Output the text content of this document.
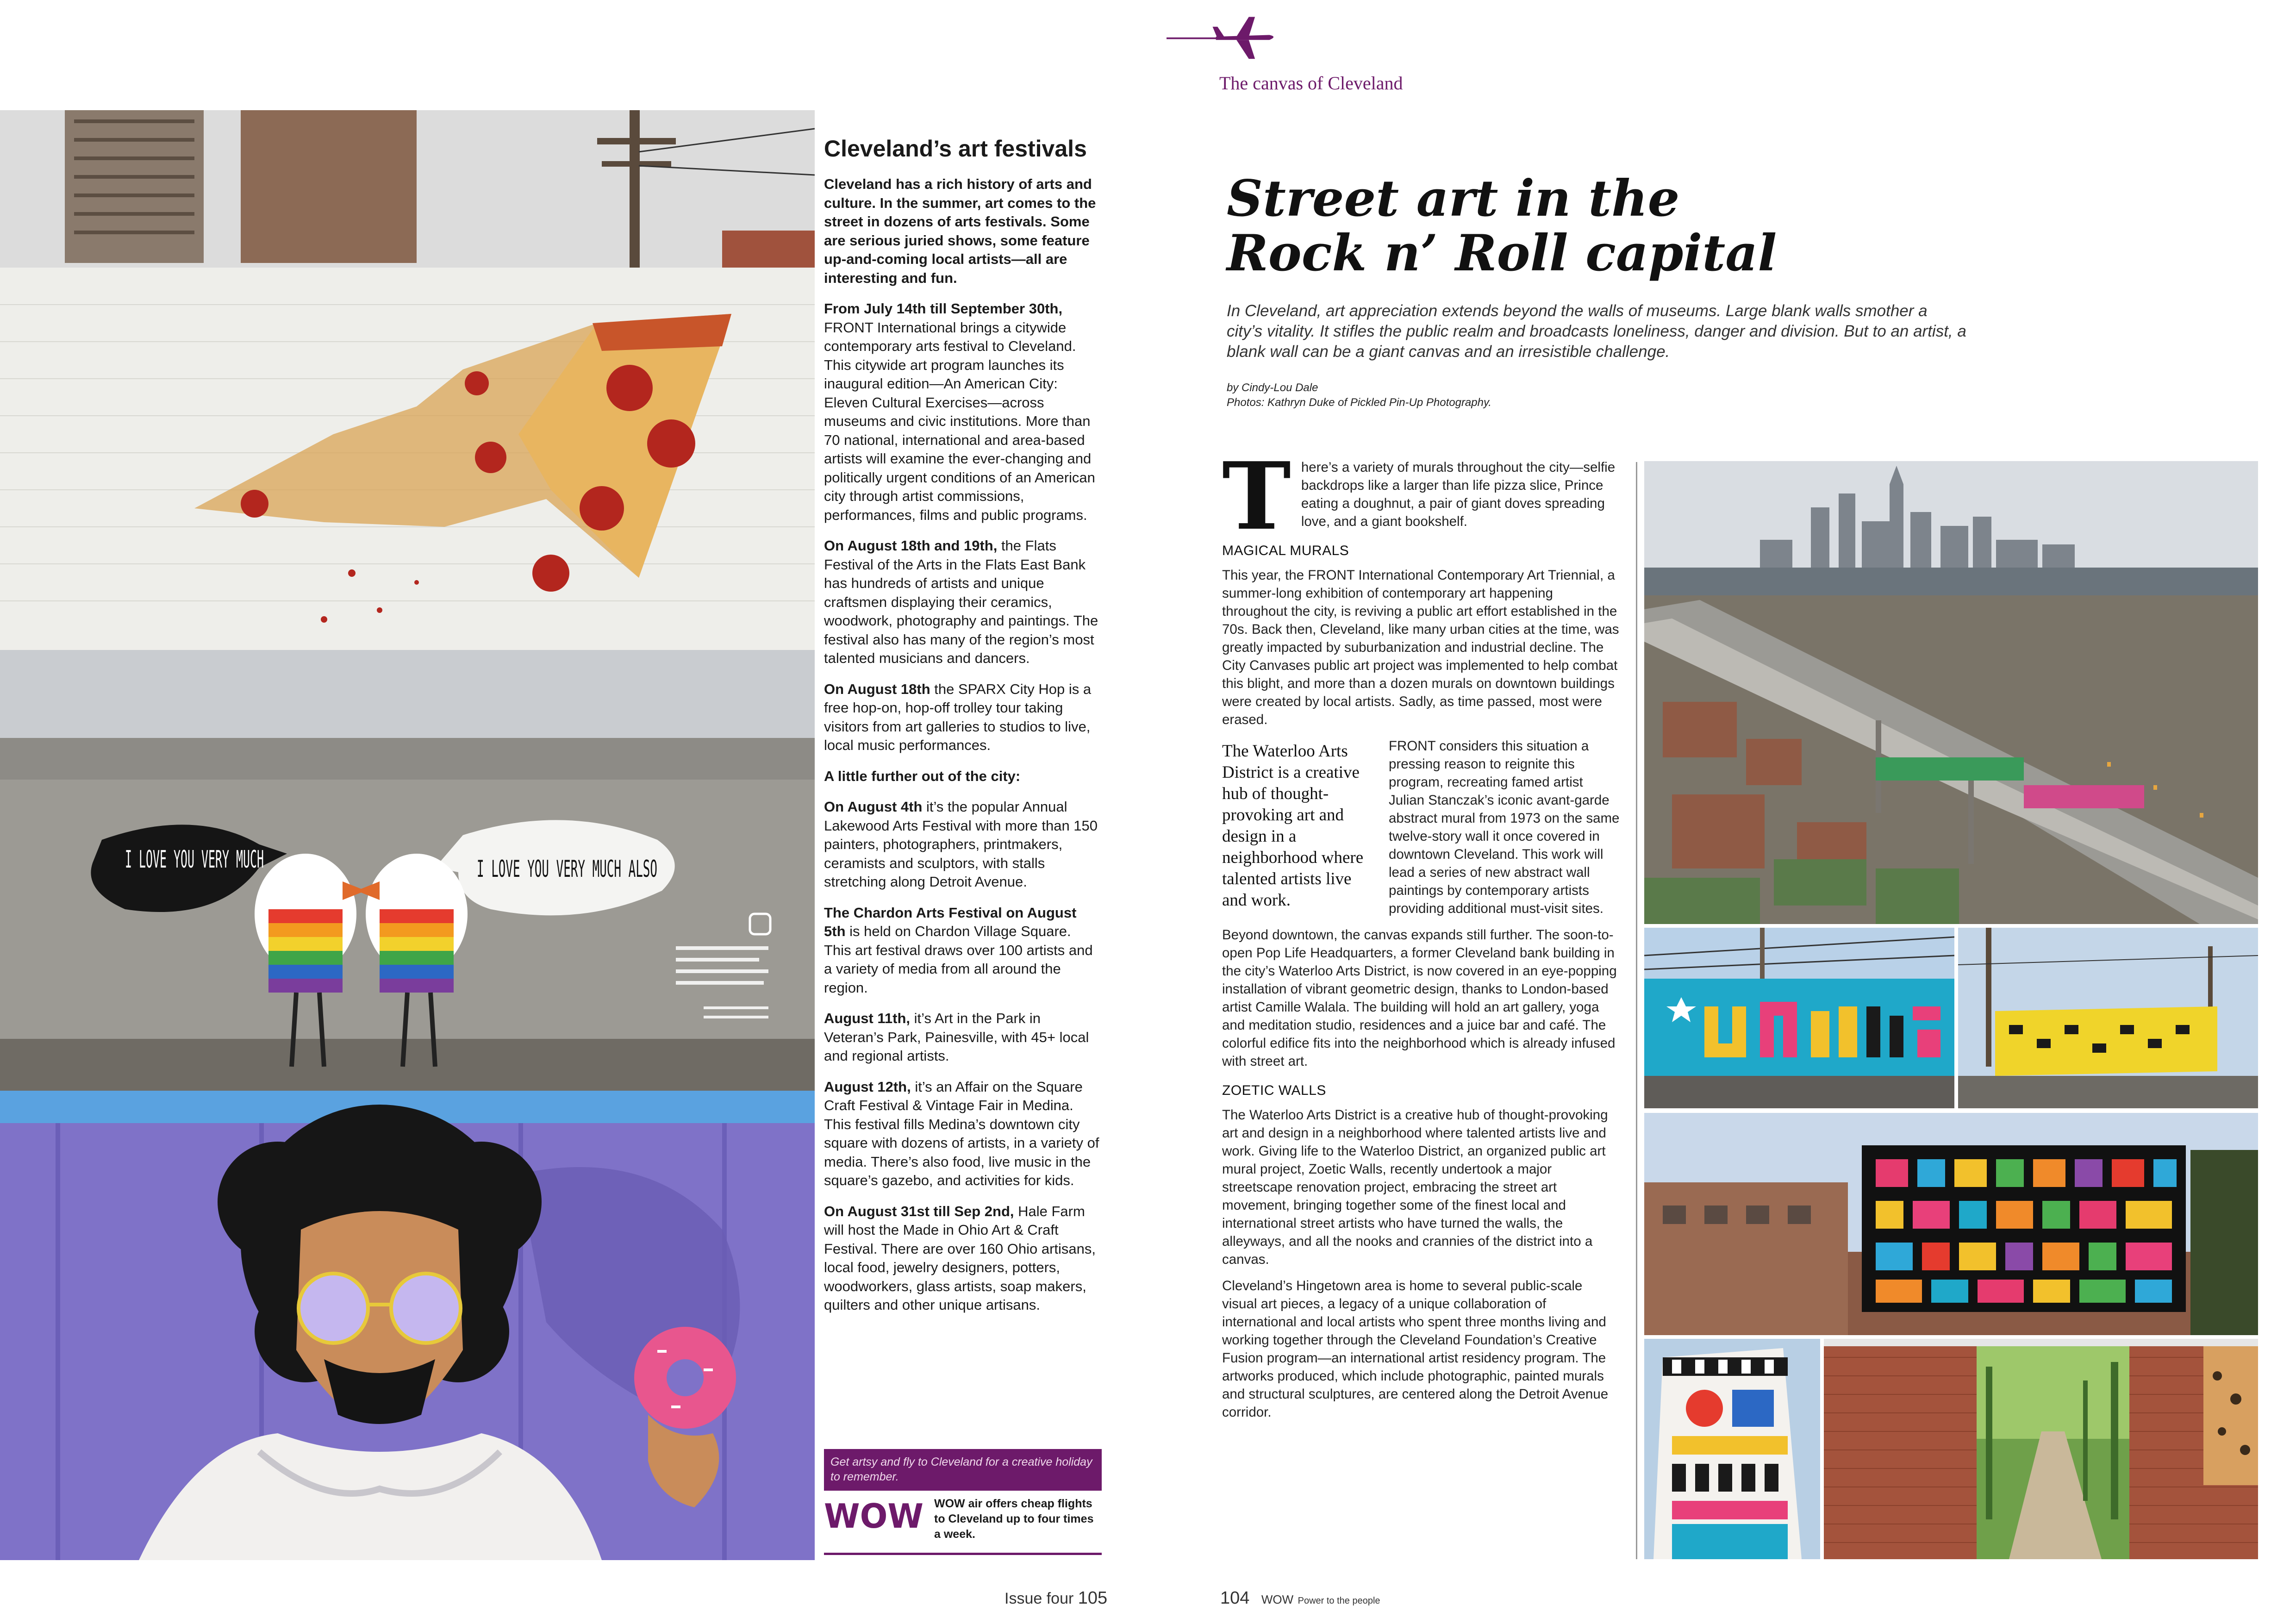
I LOVE YOU VERY MUCH	I LOVE YOU VERY MUCH ALSO
Cleveland’s art festivals

Cleveland has a rich history of arts and culture. In the summer, art comes to the street in dozens of arts festivals. Some are serious juried shows, some feature up-and-coming local artists—all are interesting and fun.

From July 14th till September 30th, FRONT International brings a citywide contemporary arts festival to Cleveland. This citywide art program launches its inaugural edition—An American City: Eleven Cultural Exercises—across museums and civic institutions. More than 70 national, international and area-based artists will examine the ever-changing and politically urgent conditions of an American city through artist commissions, performances, films and public programs.

On August 18th and 19th, the Flats Festival of the Arts in the Flats East Bank has hundreds of artists and unique craftsmen displaying their ceramics, woodwork, photography and paintings. The festival also has many of the region’s most talented musicians and dancers.

On August 18th the SPARX City Hop is a free hop-on, hop-off trolley tour taking visitors from art galleries to studios to live, local music performances.

A little further out of the city:

On August 4th it’s the popular Annual Lakewood Arts Festival with more than 150 painters, photographers, printmakers, ceramists and sculptors, with stalls stretching along Detroit Avenue.

The Chardon Arts Festival on August 5th is held on Chardon Village Square. This art festival draws over 100 artists and a variety of media from all around the region.

August 11th, it’s Art in the Park in Veteran’s Park, Painesville, with 45+ local and regional artists.

August 12th, it’s an Affair on the Square Craft Festival & Vintage Fair in Medina. This festival fills Medina’s downtown city square with dozens of artists, in a variety of media. There’s also food, live music in the square’s gazebo, and activities for kids.

On August 31st till Sep 2nd, Hale Farm will host the Made in Ohio Art & Craft Festival. There are over 160 Ohio artisans, local food, jewelry designers, potters, woodworkers, glass artists, soap makers, quilters and other unique artisans.

Get artsy and fly to Cleveland for a creative holiday to remember.
WOW WOW air offers cheap flights to Cleveland up to four times a week.
Issue four 105
The canvas of Cleveland
Street art in the
Rock n’ Roll capital

In Cleveland, art appreciation extends beyond the walls of museums. Large blank walls smother a city’s vitality. It stifles the public realm and broadcasts loneliness, danger and division. But to an artist, a blank wall can be a giant canvas and an irresistible challenge.

by Cindy-Lou Dale
Photos: Kathryn Duke of Pickled Pin-Up Photography.

There’s a variety of murals throughout the city—selfie backdrops like a larger than life pizza slice, Prince eating a doughnut, a pair of giant doves spreading love, and a giant bookshelf.

MAGICAL MURALS

This year, the FRONT International Contemporary Art Triennial, a summer-long exhibition of contemporary art happening throughout the city, is reviving a public art effort established in the 70s. Back then, Cleveland, like many urban cities at the time, was greatly impacted by suburbanization and industrial decline. The City Canvases public art project was implemented to help combat this blight, and more than a dozen murals on downtown buildings were created by local artists. Sadly, as time passed, most were erased.

The Waterloo Arts District is a creative hub of thought-provoking art and design in a neighborhood where talented artists live and work.

FRONT considers this situation a pressing reason to reignite this program, recreating famed artist Julian Stanczak’s iconic avant-garde abstract mural from 1973 on the same twelve-story wall it once covered in downtown Cleveland. This work will lead a series of new abstract wall paintings by contemporary artists providing additional must-visit sites.

Beyond downtown, the canvas expands still further. The soon-to-open Pop Life Headquarters, a former Cleveland bank building in the city’s Waterloo Arts District, is now covered in an eye-popping installation of vibrant geometric design, thanks to London-based artist Camille Walala. The building will hold an art gallery, yoga and meditation studio, residences and a juice bar and café. The colorful edifice fits into the neighborhood which is already infused with street art.

ZOETIC WALLS

The Waterloo Arts District is a creative hub of thought-provoking art and design in a neighborhood where talented artists live and work. Giving life to the Waterloo District, an organized public art mural project, Zoetic Walls, recently undertook a major streetscape renovation project, embracing the street art movement, bringing together some of the finest local and international street artists who have turned the walls, the alleyways, and all the nooks and crannies of the district into a canvas.

Cleveland’s Hingetown area is home to several public-scale visual art pieces, a legacy of a unique collaboration of international and local artists who spent three months living and working together through the Cleveland Foundation’s Creative Fusion program—an international artist residency program. The artworks produced, which include photographic, painted murals and structural sculptures, are centered along the Detroit Avenue corridor.

104 WOW Power to the people
